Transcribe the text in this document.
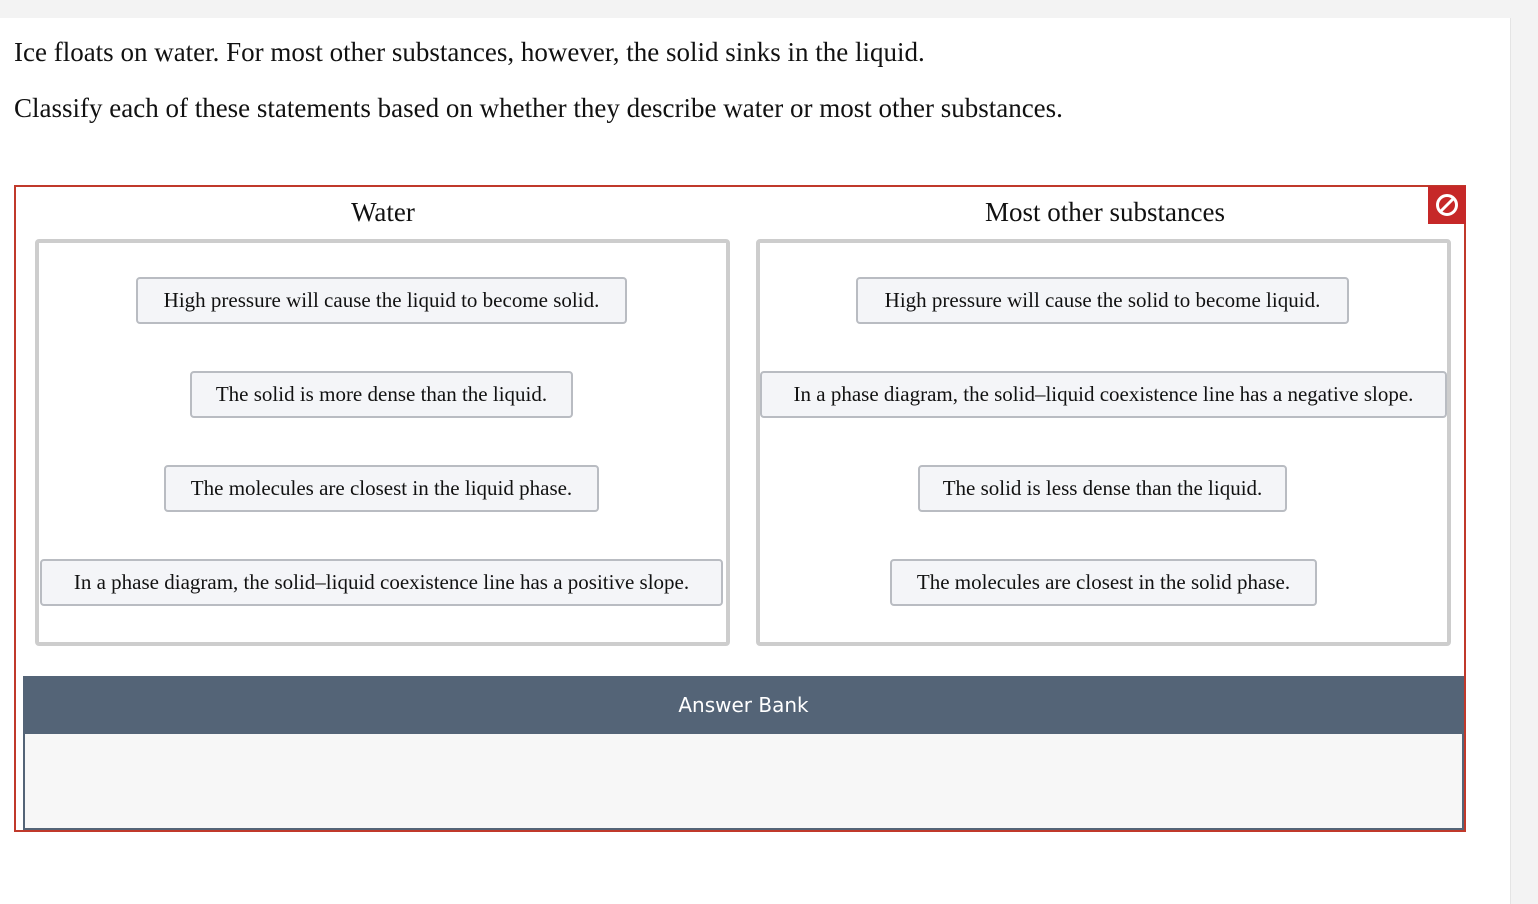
Ice floats on water. For most other substances, however, the solid sinks in the liquid.

Classify each of these statements based on whether they describe water or most other substances.

Water	Most other substances
High pressure will cause the liquid to become solid.
The solid is more dense than the liquid.
The molecules are closest in the liquid phase.
In a phase diagram, the solid–liquid coexistence line has a positive slope.
High pressure will cause the solid to become liquid.
In a phase diagram, the solid–liquid coexistence line has a negative slope.
The solid is less dense than the liquid.
The molecules are closest in the solid phase.
Answer Bank
